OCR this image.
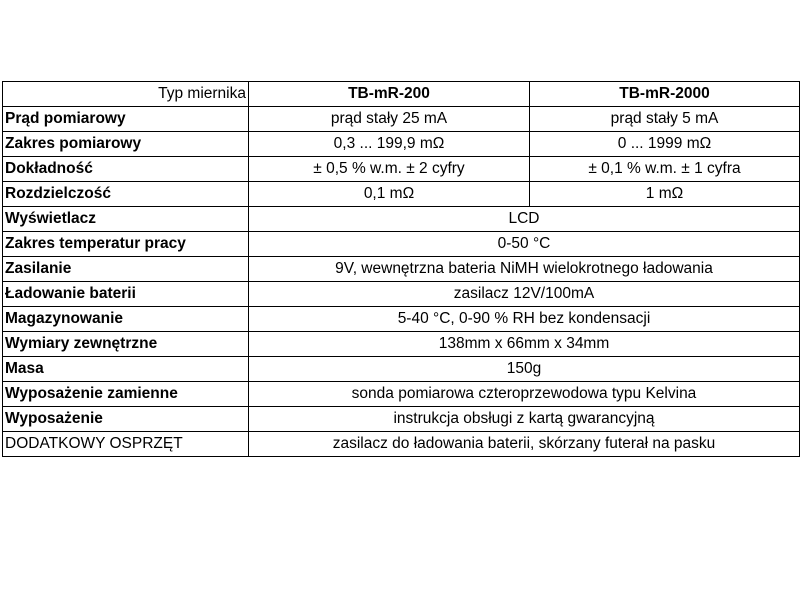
Typ miernika	TB-mR-200	TB-mR-2000
Prąd pomiarowy	prąd stały 25 mA	prąd stały 5 mA
Zakres pomiarowy	0,3 ... 199,9 mΩ	0 ... 1999 mΩ
Dokładność	± 0,5 % w.m. ± 2 cyfry	± 0,1 % w.m. ± 1 cyfra
Rozdzielczość	0,1 mΩ	1 mΩ
Wyświetlacz	LCD	
Zakres temperatur pracy	0-50 °C	
Zasilanie	9V, wewnętrzna bateria NiMH wielokrotnego ładowania	
Ładowanie baterii	zasilacz 12V/100mA	
Magazynowanie	5-40 °C, 0-90 % RH bez kondensacji	
Wymiary zewnętrzne	138mm x 66mm x 34mm	
Masa	150g	
Wyposażenie zamienne	sonda pomiarowa czteroprzewodowa typu Kelvina	
Wyposażenie	instrukcja obsługi z kartą gwarancyjną	
DODATKOWY OSPRZĘT	zasilacz do ładowania baterii, skórzany futerał na pasku	
